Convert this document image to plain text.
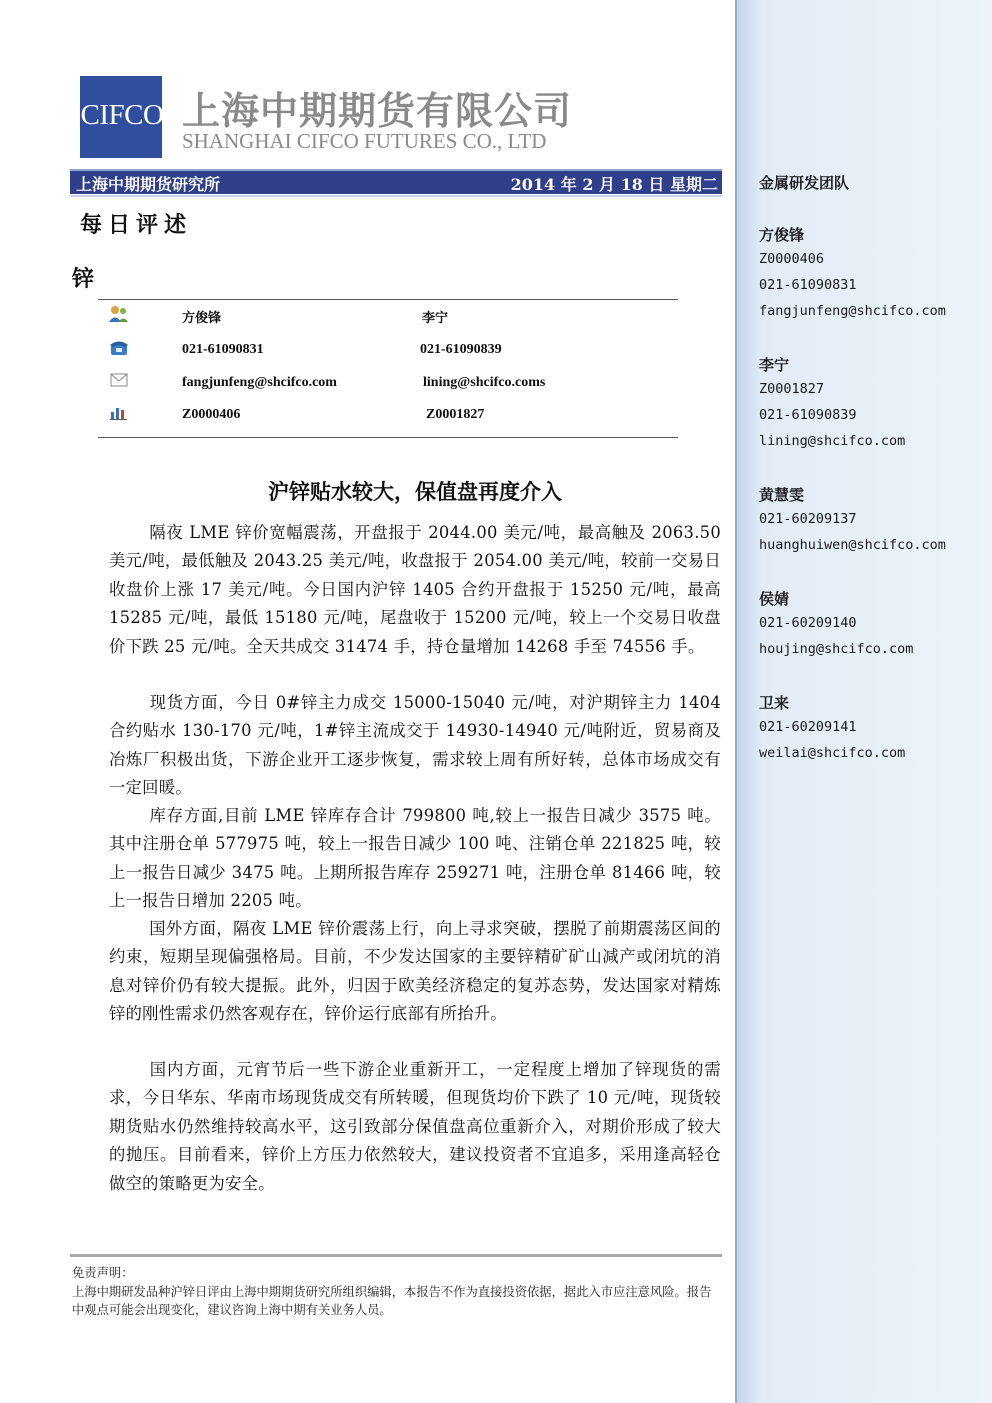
金属研发团队
方俊锋
Z0000406
021-61090831
fangjunfeng@shcifco.com
李宁
Z0001827
021-61090839
lining@shcifco.com
黄慧雯
021-60209137
huanghuiwen@shcifco.com
侯婧
021-60209140
houjing@shcifco.com
卫来
021-60209141
weilai@shcifco.com
CIFCO 上海中期期货有限公司
SHANGHAI CIFCO FUTURES CO., LTD
上海中期期货研究所	2014 年 2 月 18 日 星期二
每日评述
锌
方俊锋	李宁
021-61090831	021-61090839
fangjunfeng@shcifco.com	lining@shcifco.coms
Z0000406	Z0001827
沪锌贴水较大，保值盘再度介入

隔夜 LME 锌价宽幅震荡，开盘报于 2044.00 美元/吨，最高触及 2063.50 美元/吨，最低触及 2043.25 美元/吨，收盘报于 2054.00 美元/吨，较前一交易日收盘价上涨 17 美元/吨。今日国内沪锌 1405 合约开盘报于 15250 元/吨，最高 15285 元/吨，最低 15180 元/吨，尾盘收于 15200 元/吨，较上一个交易日收盘价下跌 25 元/吨。全天共成交 31474 手，持仓量增加 14268 手至 74556 手。

现货方面，今日 0#锌主力成交 15000-15040 元/吨，对沪期锌主力 1404 合约贴水 130-170 元/吨，1#锌主流成交于 14930-14940 元/吨附近，贸易商及冶炼厂积极出货，下游企业开工逐步恢复，需求较上周有所好转，总体市场成交有一定回暖。

库存方面,目前 LME 锌库存合计 799800 吨,较上一报告日减少 3575 吨。其中注册仓单 577975 吨，较上一报告日减少 100 吨、注销仓单 221825 吨，较上一报告日减少 3475 吨。上期所报告库存 259271 吨，注册仓单 81466 吨，较上一报告日增加 2205 吨。

国外方面，隔夜 LME 锌价震荡上行，向上寻求突破，摆脱了前期震荡区间的约束，短期呈现偏强格局。目前，不少发达国家的主要锌精矿矿山减产或闭坑的消息对锌价仍有较大提振。此外，归因于欧美经济稳定的复苏态势，发达国家对精炼锌的刚性需求仍然客观存在，锌价运行底部有所抬升。

国内方面，元宵节后一些下游企业重新开工，一定程度上增加了锌现货的需求，今日华东、华南市场现货成交有所转暖，但现货均价下跌了 10 元/吨，现货较期货贴水仍然维持较高水平，这引致部分保值盘高位重新介入，对期价形成了较大的抛压。目前看来，锌价上方压力依然较大，建议投资者不宜追多，采用逢高轻仓做空的策略更为安全。

免责声明：

上海中期研发品种沪锌日评由上海中期期货研究所组织编辑，本报告不作为直接投资依据，据此入市应注意风险。报告中观点可能会出现变化，建议咨询上海中期有关业务人员。
